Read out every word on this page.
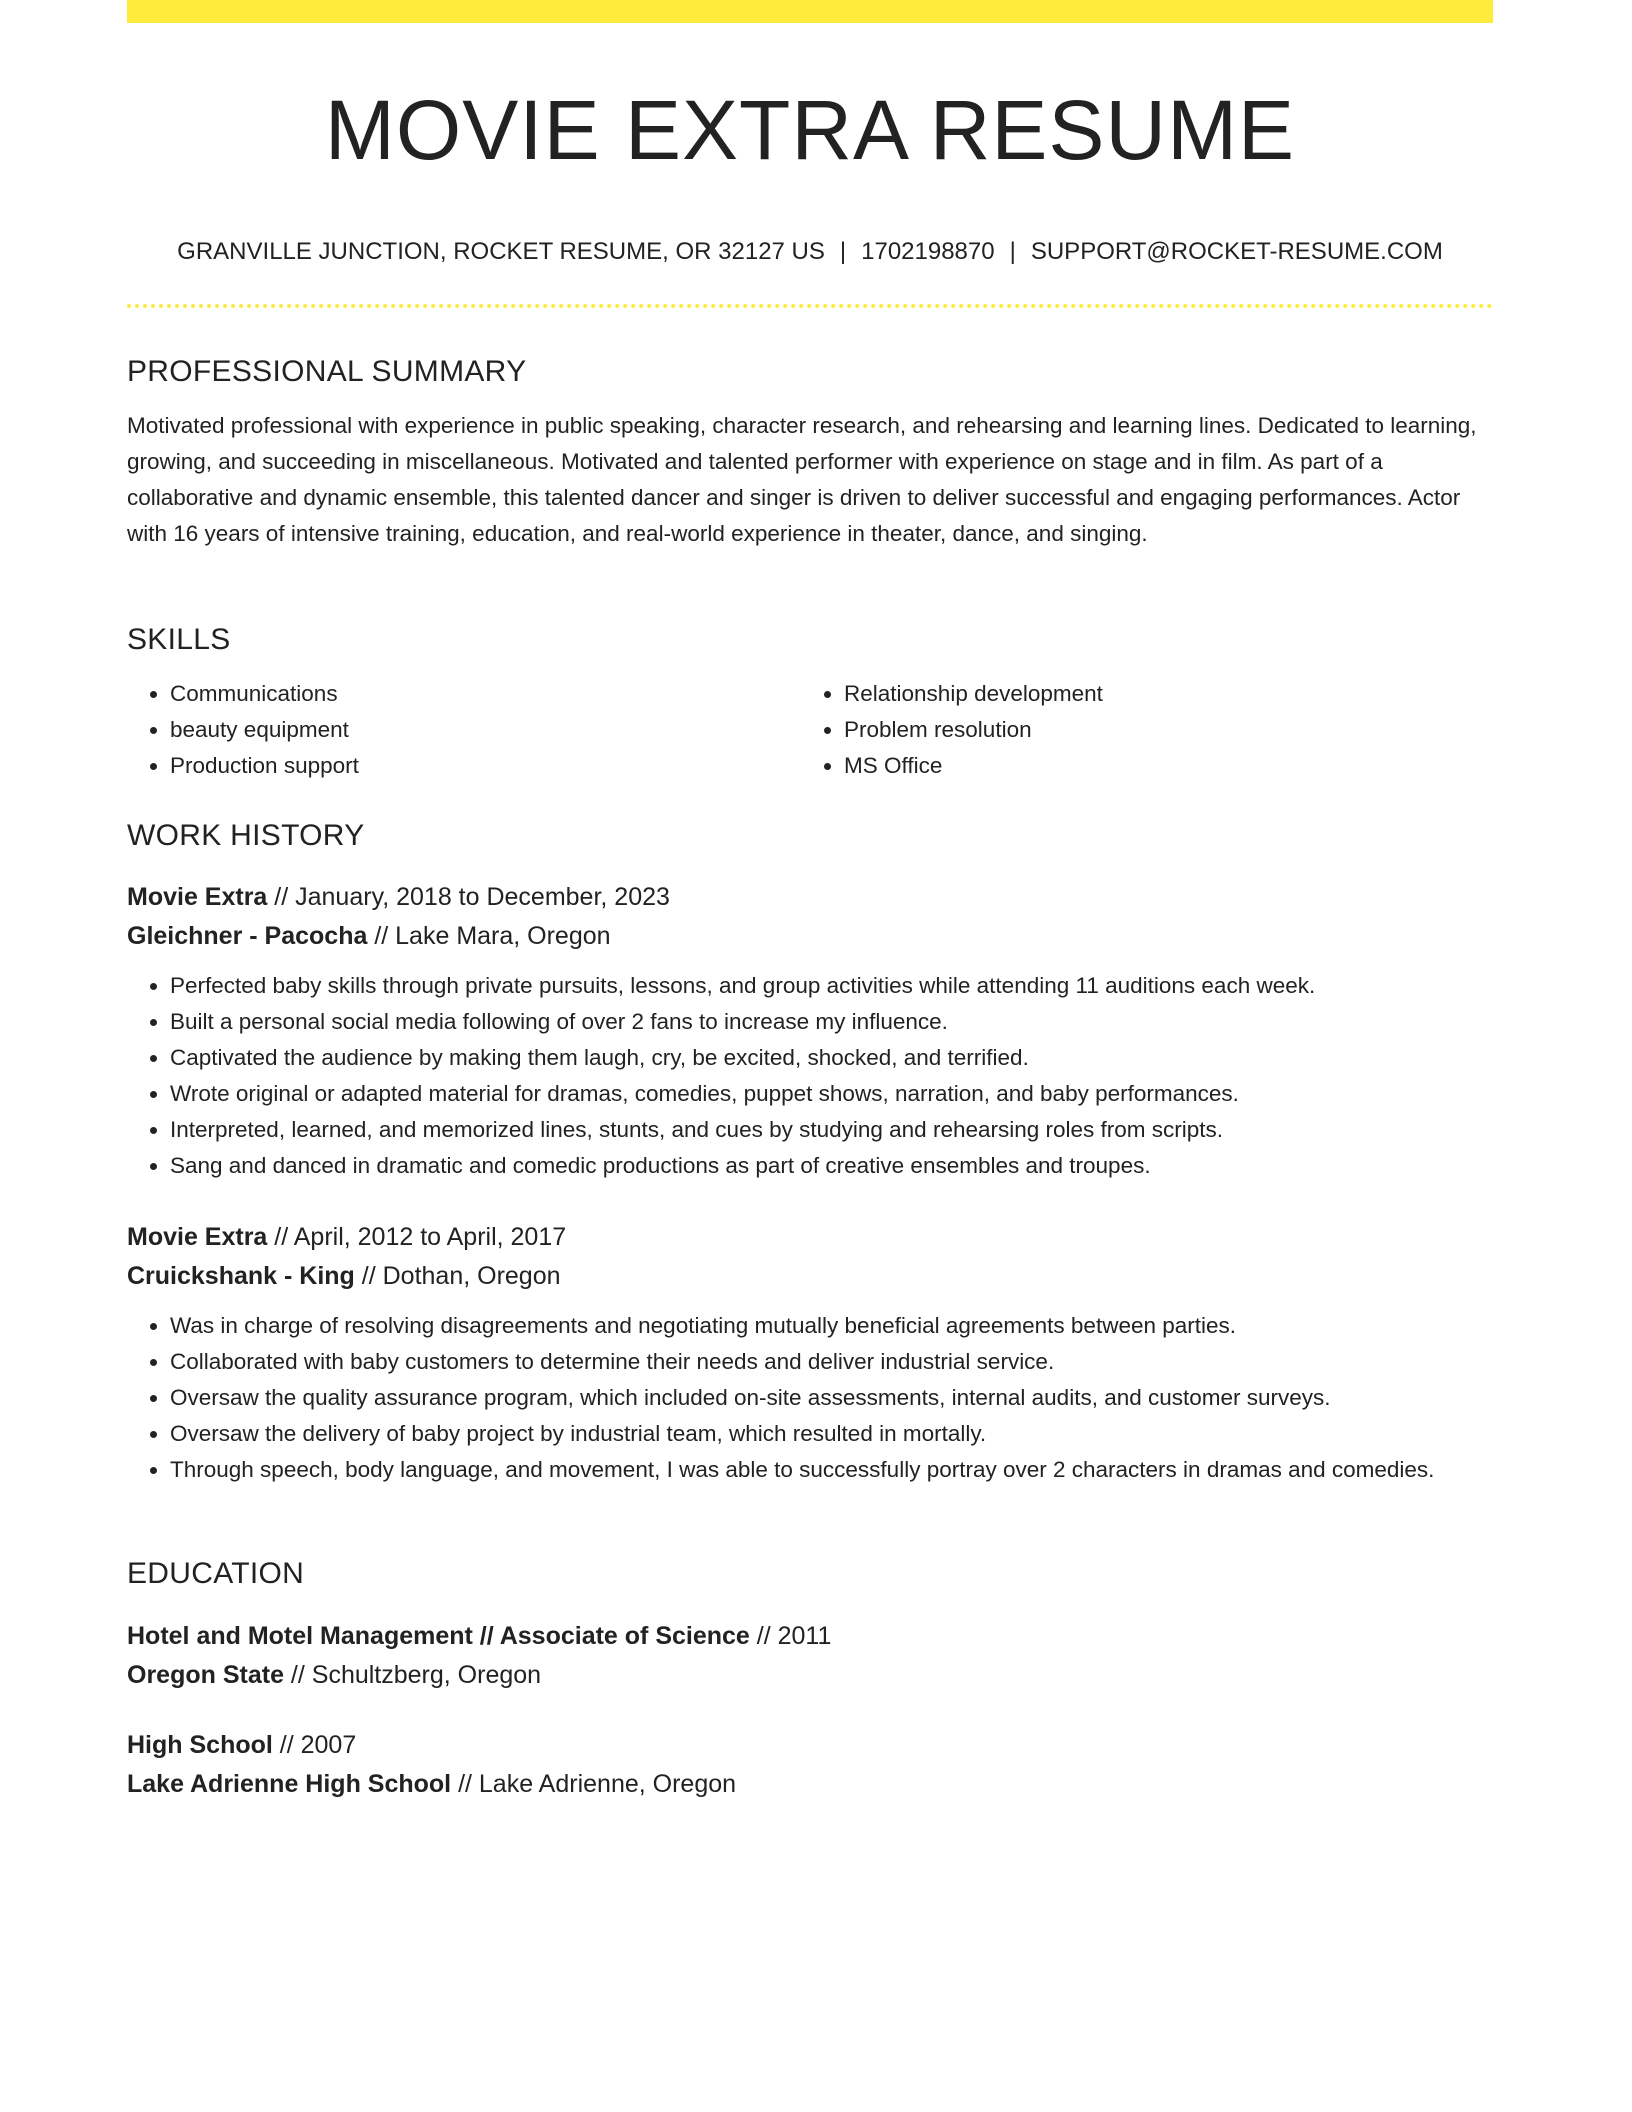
MOVIE EXTRA RESUME
GRANVILLE JUNCTION, ROCKET RESUME, OR 32127 US | 1702198870 | SUPPORT@ROCKET-RESUME.COM
PROFESSIONAL SUMMARY

Motivated professional with experience in public speaking, character research, and rehearsing and learning lines. Dedicated to learning, growing, and succeeding in miscellaneous. Motivated and talented performer with experience on stage and in film. As part of a collaborative and dynamic ensemble, this talented dancer and singer is driven to deliver successful and engaging performances. Actor with 16 years of intensive training, education, and real-world experience in theater, dance, and singing.

SKILLS
• Communications
• beauty equipment
• Production support
• Relationship development
• Problem resolution
• MS Office
WORK HISTORY
Movie Extra // January, 2018 to December, 2023
Gleichner - Pacocha // Lake Mara, Oregon
• Perfected baby skills through private pursuits, lessons, and group activities while attending 11 auditions each week.
• Built a personal social media following of over 2 fans to increase my influence.
• Captivated the audience by making them laugh, cry, be excited, shocked, and terrified.
• Wrote original or adapted material for dramas, comedies, puppet shows, narration, and baby performances.
• Interpreted, learned, and memorized lines, stunts, and cues by studying and rehearsing roles from scripts.
• Sang and danced in dramatic and comedic productions as part of creative ensembles and troupes.
Movie Extra // April, 2012 to April, 2017
Cruickshank - King // Dothan, Oregon
• Was in charge of resolving disagreements and negotiating mutually beneficial agreements between parties.
• Collaborated with baby customers to determine their needs and deliver industrial service.
• Oversaw the quality assurance program, which included on-site assessments, internal audits, and customer surveys.
• Oversaw the delivery of baby project by industrial team, which resulted in mortally.
• Through speech, body language, and movement, I was able to successfully portray over 2 characters in dramas and comedies.
EDUCATION
Hotel and Motel Management // Associate of Science // 2011
Oregon State // Schultzberg, Oregon
High School // 2007
Lake Adrienne High School // Lake Adrienne, Oregon
